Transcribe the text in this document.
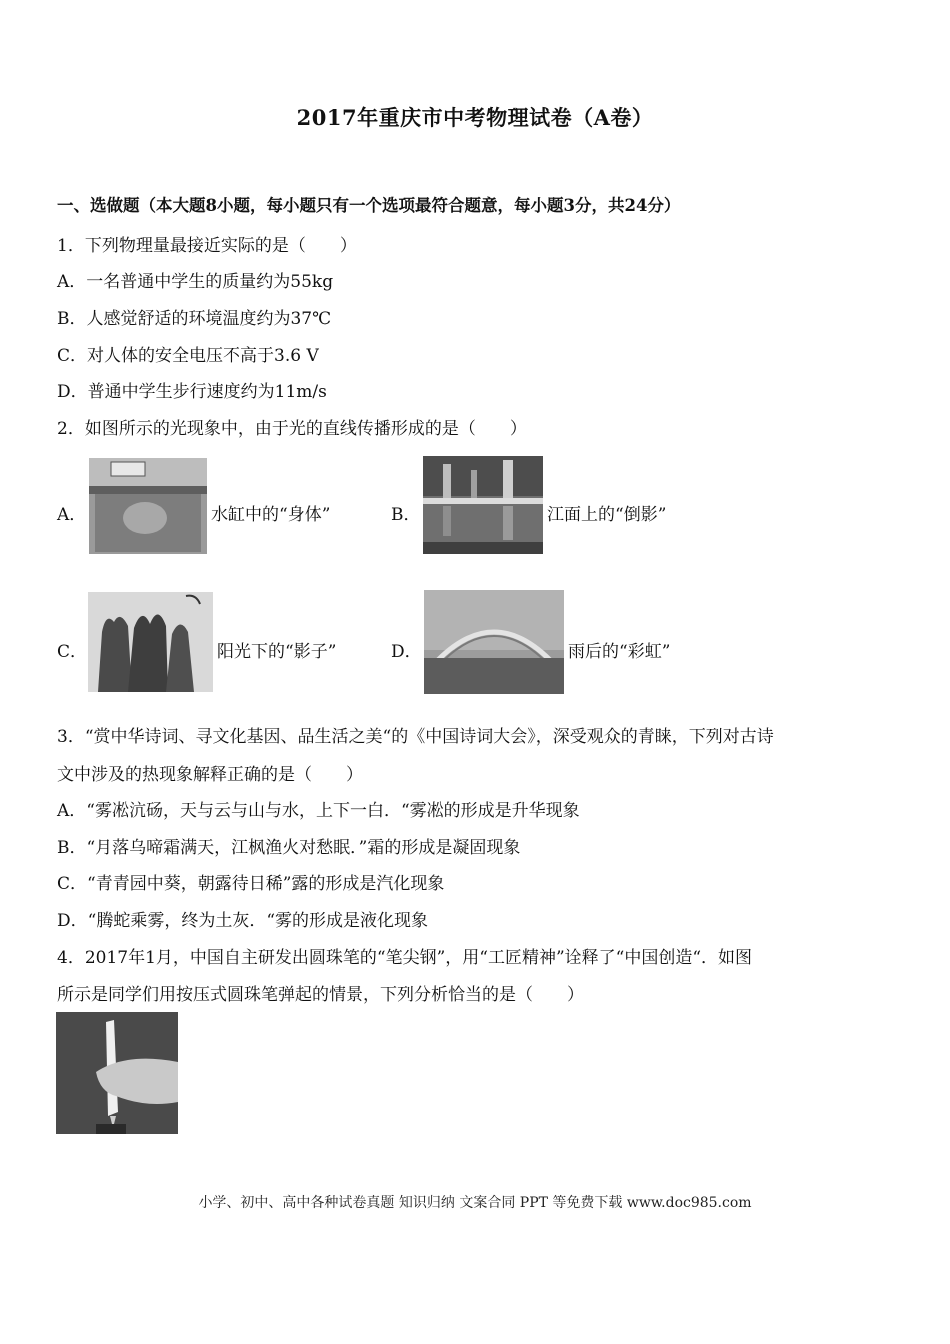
2017年重庆市中考物理试卷（A卷）
一、选做题（本大题8小题，每小题只有一个选项最符合题意，每小题3分，共24分）
1．下列物理量最接近实际的是（　　）
A．一名普通中学生的质量约为55kg
B．人感觉舒适的环境温度约为37℃
C．对人体的安全电压不高于3.6 V
D．普通中学生步行速度约为11m/s
2．如图所示的光现象中，由于光的直线传播形成的是（　　）
A．	水缸中的“身体”	B．	江面上的“倒影”
C．	阳光下的“影子”	D．	雨后的“彩虹”
3．“赏中华诗词、寻文化基因、品生活之美“的《中国诗词大会》，深受观众的青睐，下列对古诗
文中涉及的热现象解释正确的是（　　）
A．“雾凇沆砀，天与云与山与水，上下一白．“雾凇的形成是升华现象
B．“月落乌啼霜满天，江枫渔火对愁眠．”霜的形成是凝固现象
C．“青青园中葵，朝露待日稀”露的形成是汽化现象
D．“腾蛇乘雾，终为土灰．“雾的形成是液化现象
4．2017年1月，中国自主研发出圆珠笔的“笔尖钢”，用“工匠精神”诠释了“中国创造“．如图
所示是同学们用按压式圆珠笔弹起的情景，下列分析恰当的是（　　）
小学、初中、高中各种试卷真题 知识归纳 文案合同 PPT 等免费下载 www.doc985.com
